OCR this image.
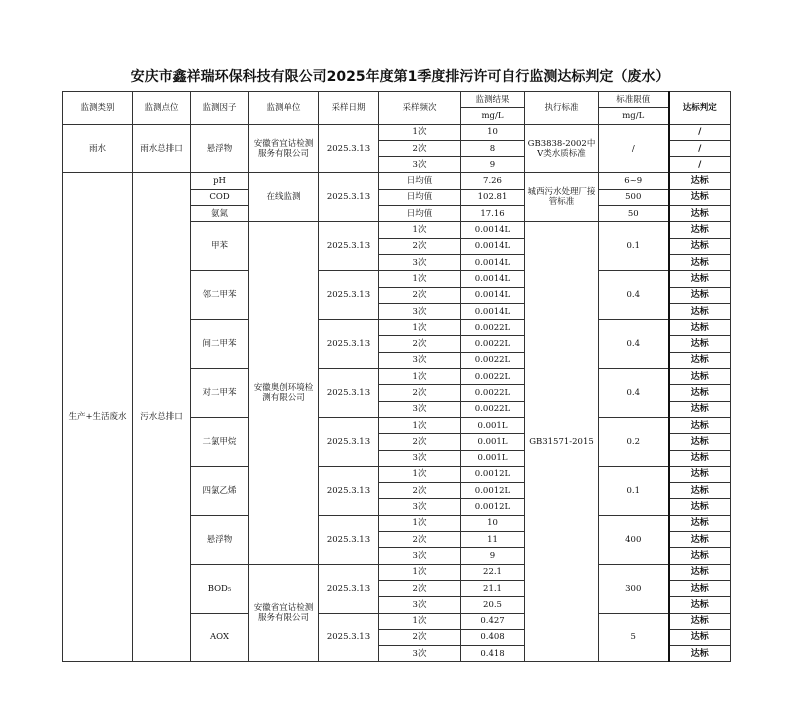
安庆市鑫祥瑞环保科技有限公司2025年度第1季度排污许可自行监测达标判定（废水）
监测类别	监测点位	监测因子	监测单位	采样日期	采样频次	监测结果	执行标准	标准限值	达标判定
						mg/L		mg/L	
雨水	雨水总排口	悬浮物	安徽省宜诂检测服务有限公司	2025.3.13	1次	10	GB3838-2002中V类水质标准	/	/
					2次	8			/
					3次	9			/
生产+生活废水	污水总排口	pH	在线监测	2025.3.13	日均值	7.26	城西污水处理厂接管标准	6~9	达标
		COD			日均值	102.81		500	达标
		氨氮			日均值	17.16		50	达标
		甲苯	安徽奥创环境检测有限公司	2025.3.13	1次	0.0014L	GB31571-2015	0.1	达标
					2次	0.0014L			达标
					3次	0.0014L			达标
		邻二甲苯		2025.3.13	1次	0.0014L		0.4	达标
					2次	0.0014L			达标
					3次	0.0014L			达标
		间二甲苯		2025.3.13	1次	0.0022L		0.4	达标
					2次	0.0022L			达标
					3次	0.0022L			达标
		对二甲苯		2025.3.13	1次	0.0022L		0.4	达标
					2次	0.0022L			达标
					3次	0.0022L			达标
		二氯甲烷		2025.3.13	1次	0.001L		0.2	达标
					2次	0.001L			达标
					3次	0.001L			达标
		四氯乙烯		2025.3.13	1次	0.0012L		0.1	达标
					2次	0.0012L			达标
					3次	0.0012L			达标
		悬浮物		2025.3.13	1次	10		400	达标
					2次	11			达标
					3次	9			达标
		BOD₅	安徽省宜诂检测服务有限公司	2025.3.13	1次	22.1		300	达标
					2次	21.1			达标
					3次	20.5			达标
		AOX		2025.3.13	1次	0.427		5	达标
					2次	0.408			达标
					3次	0.418			达标
